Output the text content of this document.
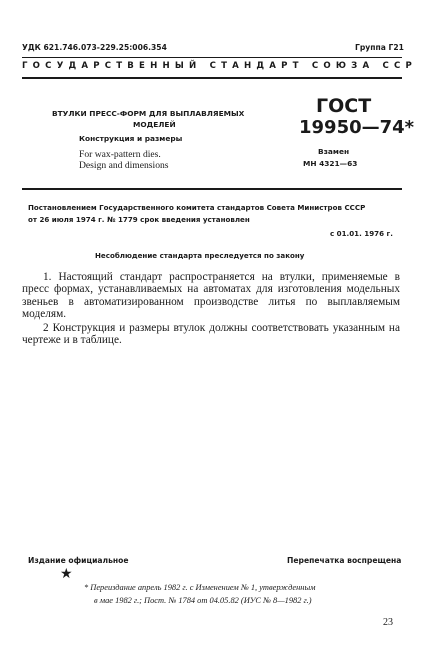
УДК 621.746.073-229.25:006.354	Группа Г21
ГОСУДАРСТВЕННЫЙ СТАНДАРТ СОЮЗА ССР
ВТУЛКИ ПРЕСС-ФОРМ ДЛЯ ВЫПЛАВЛЯЕМЫХ
МОДЕЛЕЙ
Конструкция и размеры
For wax-pattern dies.
Design and dimensions
ГОСТ
19950—74*
Взамен
МН 4321—63
Постановлением Государственного комитета стандартов Совета Министров СССР
от 26 июля 1974 г. № 1779 срок введения установлен
с 01.01. 1976 г.
Несоблюдение стандарта преследуется по закону
1. Настоящий стандарт распространяется на втулки, применяемые в пресс формах, устанавливаемых на автоматах для изготовления модельных звеньев в автоматизированном производстве литья по выплавляемым моделям.
2 Конструкция и размеры втулок должны соответствовать указанным на чертеже и в таблице.
Издание официальное	Перепечатка воспрещена
★
* Переиздание апрель 1982 г. с Изменением № 1, утвержденным
в мае 1982 г.; Пост. № 1784 от 04.05.82 (ИУС № 8—1982 г.)
23
